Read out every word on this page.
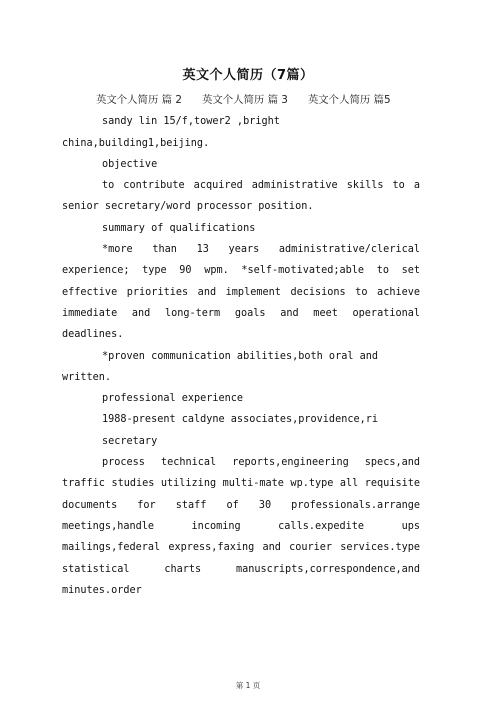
英文个人简历（7篇）

英文个人简历 篇 2 英文个人简历 篇 3 英文个人简历 篇5

sandy lin 15/f,tower2 ,bright china,building1,beijing.

objective

to contribute acquired administrative skills to a senior secretary/word processor position.

summary of qualifications

*more than 13 years administrative/clerical experience; type 90 wpm. *self-motivated;able to set effective priorities and implement decisions to achieve immediate and long-term goals and meet operational deadlines.

*proven communication abilities,both oral and written.

professional experience

1988-present caldyne associates,providence,ri

secretary

process technical reports,engineering specs,and traffic studies utilizing multi-mate wp.type all requisite documents for staff of 30 professionals.arrange meetings,handle incoming calls.expedite ups mailings,federal express,faxing and courier services.type statistical charts manuscripts,correspondence,and minutes.order

第 1 页
